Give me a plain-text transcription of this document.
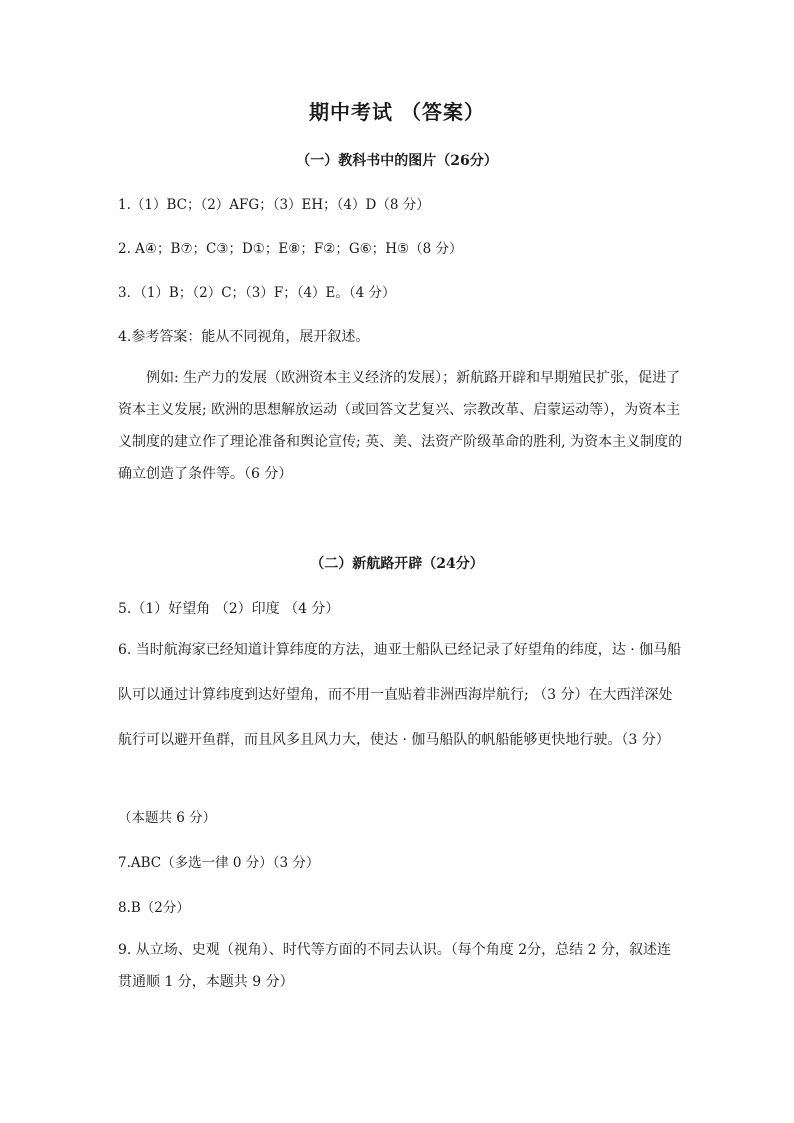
期中考试 （答案）
（一）教科书中的图片（26分）
1.（1）BC；（2）AFG；（3）EH；（4）D（8 分）
2. A④；B⑦；C③；D①；E⑧；F②；G⑥；H⑤（8 分）
3．（1）B；（2）C；（3）F；（4）E。（4 分）
4.参考答案：能从不同视角，展开叙述。
例如: 生产力的发展（欧洲资本主义经济的发展）；新航路开辟和早期殖民扩张，促进了资本主义发展; 欧洲的思想解放运动（或回答文艺复兴、宗教改革、启蒙运动等），为资本主义制度的建立作了理论准备和舆论宣传; 英、美、法资产阶级革命的胜利, 为资本主义制度的确立创造了条件等。（6 分）
（二）新航路开辟（24分）
5.（1）好望角 （2）印度 （4 分）
6. 当时航海家已经知道计算纬度的方法，迪亚士船队已经记录了好望角的纬度，达 · 伽马船队可以通过计算纬度到达好望角，而不用一直贴着非洲西海岸航行; （3 分）在大西洋深处航行可以避开鱼群，而且风多且风力大，使达 · 伽马船队的帆船能够更快地行驶。（3 分）
（本题共 6 分）
7.ABC（多选一律 0 分）（3 分）
8.B（2分）
9. 从立场、史观（视角）、时代等方面的不同去认识。（每个角度 2分，总结 2 分，叙述连贯通顺 1 分，本题共 9 分）
